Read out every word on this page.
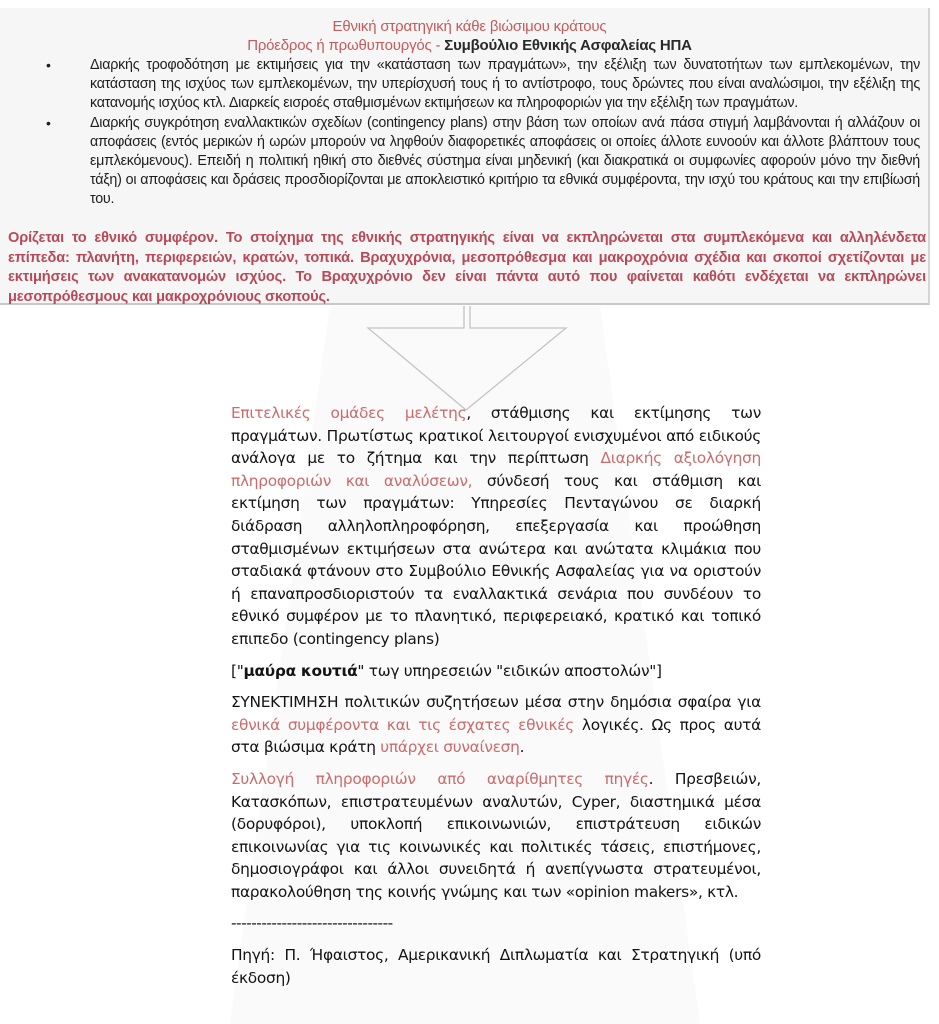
Εθνική στρατηγική κάθε βιώσιμου κράτους
Πρόεδρος ή πρωθυπουργός - Συμβούλιο Εθνικής Ασφαλείας ΗΠΑ
•	Διαρκής τροφοδότηση με εκτιμήσεις για την «κατάσταση των πραγμάτων», την εξέλιξη των δυνατοτήτων των εμπλεκομένων, την κατάσταση της ισχύος των εμπλεκομένων, την υπερίσχυσή τους ή το αντίστροφο, τους δρώντες που είναι αναλώσιμοι, την εξέλιξη της κατανομής ισχύος κτλ. Διαρκείς εισροές σταθμισμένων εκτιμήσεων κα πληροφοριών για την εξέλιξη των πραγμάτων.
•	Διαρκής συγκρότηση εναλλακτικών σχεδίων (contingency plans) στην βάση των οποίων ανά πάσα στιγμή λαμβάνονται ή αλλάζουν οι αποφάσεις (εντός μερικών ή ωρών μπορούν να ληφθούν διαφορετικές αποφάσεις οι οποίες άλλοτε ευνοούν και άλλοτε βλάπτουν τους εμπλεκόμενους). Επειδή η πολιτική ηθική στο διεθνές σύστημα είναι μηδενική (και διακρατικά οι συμφωνίες αφορούν μόνο την διεθνή τάξη) οι αποφάσεις και δράσεις προσδιορίζονται με αποκλειστικό κριτήριο τα εθνικά συμφέροντα, την ισχύ του κράτους και την επιβίωσή του.

Ορίζεται το εθνικό συμφέρον. Το στοίχημα της εθνικής στρατηγικής είναι να εκπληρώνεται στα συμπλεκόμενα και αλληλένδετα επίπεδα: πλανήτη, περιφερειών, κρατών, τοπικά. Βραχυχρόνια, μεσοπρόθεσμα και μακροχρόνια σχέδια και σκοποί σχετίζονται με εκτιμήσεις των ανακατανομών ισχύος. Το Βραχυχρόνιο δεν είναι πάντα αυτό που φαίνεται καθότι ενδέχεται να εκπληρώνει μεσοπρόθεσμους και μακροχρόνιους σκοπούς.

Επιτελικές ομάδες μελέτης, στάθμισης και εκτίμησης των πραγμάτων. Πρωτίστως κρατικοί λειτουργοί ενισχυμένοι από ειδικούς ανάλογα με το ζήτημα και την περίπτωση Διαρκής αξιολόγηση πληροφοριών και αναλύσεων, σύνδεσή τους και στάθμιση και εκτίμηση των πραγμάτων: Υπηρεσίες Πενταγώνου σε διαρκή διάδραση αλληλοπληροφόρηση, επεξεργασία και προώθηση σταθμισμένων εκτιμήσεων στα ανώτερα και ανώτατα κλιμάκια που σταδιακά φτάνουν στο Συμβούλιο Εθνικής Ασφαλείας για να οριστούν ή επαναπροσδιοριστούν τα εναλλακτικά σενάρια που συνδέουν το εθνικό συμφέρον με το πλανητικό, περιφερειακό, κρατικό και τοπικό επιπεδο (contingency plans)

["μαύρα κουτιά" τωγ υπηρεσειών "ειδικών αποστολών"]

ΣΥΝΕΚΤΙΜΗΣΗ πολιτικών συζητήσεων μέσα στην δημόσια σφαίρα για εθνικά συμφέροντα και τις έσχατες εθνικές λογικές. Ως προς αυτά στα βιώσιμα κράτη υπάρχει συναίνεση.

Συλλογή πληροφοριών από αναρίθμητες πηγές. Πρεσβειών, Κατασκόπων, επιστρατευμένων αναλυτών, Cyper, διαστημικά μέσα (δορυφόροι), υποκλοπή επικοινωνιών, επιστράτευση ειδικών επικοινωνίας για τις κοινωνικές και πολιτικές τάσεις, επιστήμονες, δημοσιογράφοι και άλλοι συνειδητά ή ανεπίγνωστα στρατευμένοι, παρακολούθηση της κοινής γνώμης και των «opinion makers», κτλ.

--------------------------------

Πηγή: Π. Ήφαιστος, Αμερικανική Διπλωματία και Στρατηγική (υπό έκδοση)
